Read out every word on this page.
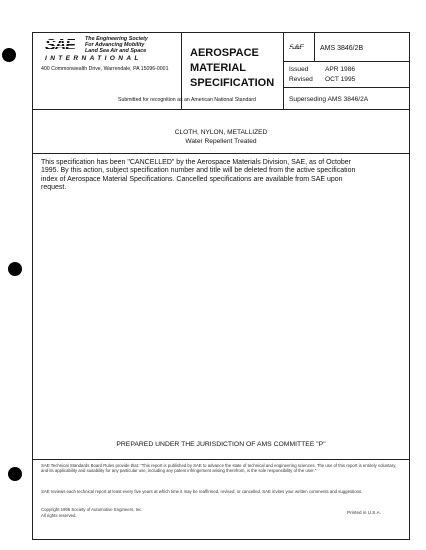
SAE The Engineering Society
For Advancing Mobility
Land Sea Air and Space
INTERNATIONAL
400 Commonwealth Drive, Warrendale, PA 15096-0001
AEROSPACE
MATERIAL
SPECIFICATION
Submitted for recognition as an American National Standard
SAE AMS 3846/2B
Issued	APR 1986
Revised OCT 1995
Superseding AMS 3846/2A
CLOTH, NYLON, METALLIZED
Water Repellent Treated
This specification has been "CANCELLED" by the Aerospace Materials Division, SAE, as of October 1995. By this action, subject specification number and title will be deleted from the active specification index of Aerospace Material Specifications. Cancelled specifications are available from SAE upon request.
PREPARED UNDER THE JURISDICTION OF AMS COMMITTEE "P"
SAE Technical Standards Board Rules provide that: "This report is published by SAE to advance the state of technical and engineering sciences. The use of this report is entirely voluntary, and its applicability and suitability for any particular use, including any patent infringement arising therefrom, is the sole responsibility of the user."
SAE reviews each technical report at least every five years at which time it may be reaffirmed, revised, or cancelled. SAE invites your written comments and suggestions.
Copyright 1995 Society of Automotive Engineers, Inc.
All rights reserved.
Printed in U.S.A.
